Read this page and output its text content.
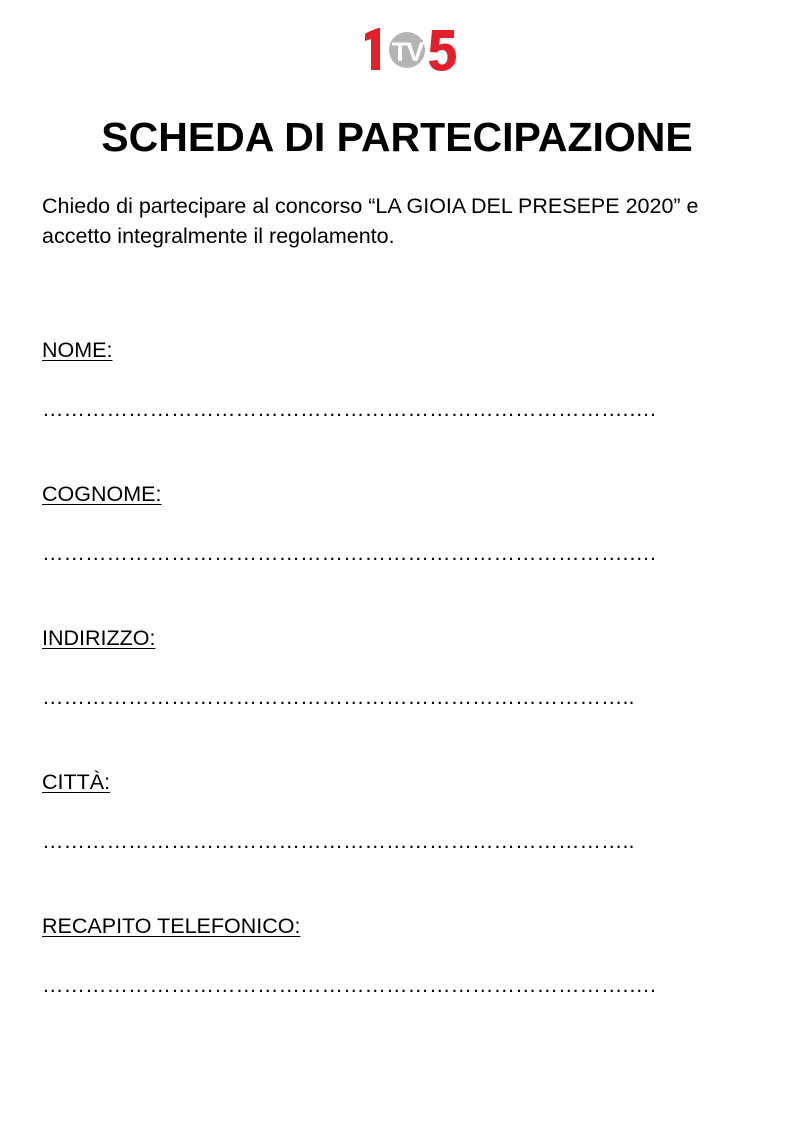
TV
SCHEDA DI PARTECIPAZIONE

Chiedo di partecipare al concorso “LA GIOIA DEL PRESEPE 2020” e accetto integralmente il regolamento.

NOME:
……………………………………………………………………….….
COGNOME:
……………………………………………………………………….….
INDIRIZZO:
………………………………………………………………………..
CITTÀ:
………………………………………………………………………..
RECAPITO TELEFONICO:
……………………………………………………………………….….
